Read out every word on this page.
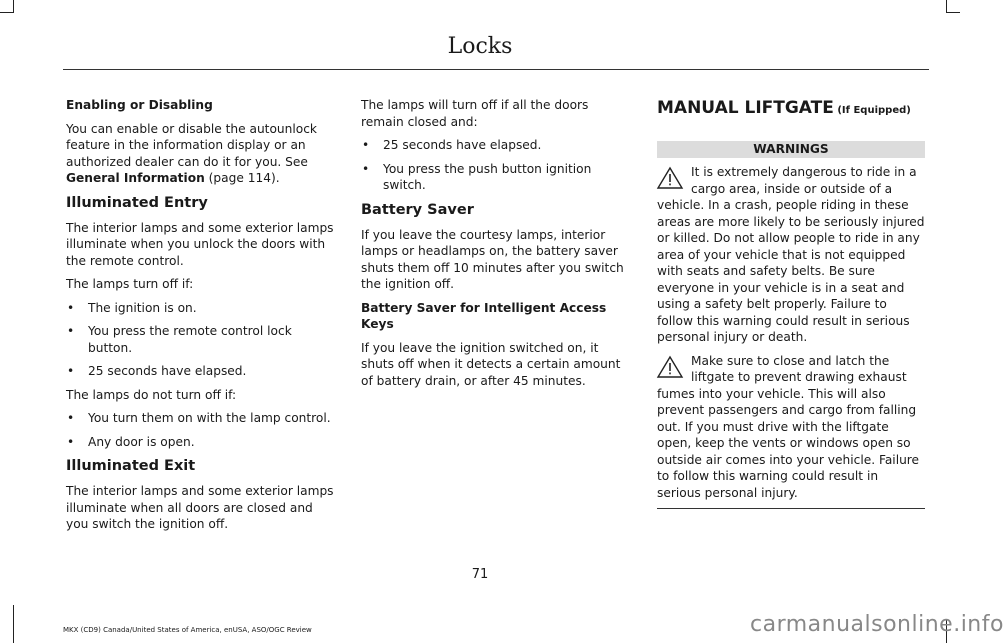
Locks
Enabling or Disabling

You can enable or disable the autounlock feature in the information display or an authorized dealer can do it for you. See General Information (page 114).

Illuminated Entry

The interior lamps and some exterior lamps illuminate when you unlock the doors with the remote control.

The lamps turn off if:

• The ignition is on.
• You press the remote control lock button.
• 25 seconds have elapsed.

The lamps do not turn off if:

• You turn them on with the lamp control.
• Any door is open.
Illuminated Exit

The interior lamps and some exterior lamps illuminate when all doors are closed and you switch the ignition off.

The lamps will turn off if all the doors remain closed and:

• 25 seconds have elapsed.
• You press the push button ignition switch.
Battery Saver

If you leave the courtesy lamps, interior lamps or headlamps on, the battery saver shuts them off 10 minutes after you switch the ignition off.

Battery Saver for Intelligent Access Keys

If you leave the ignition switched on, it shuts off when it detects a certain amount of battery drain, or after 45 minutes.

MANUAL LIFTGATE (If Equipped)
WARNINGS
It is extremely dangerous to ride in a cargo area, inside or outside of a vehicle. In a crash, people riding in these areas are more likely to be seriously injured or killed. Do not allow people to ride in any area of your vehicle that is not equipped with seats and safety belts. Be sure everyone in your vehicle is in a seat and using a safety belt properly. Failure to follow this warning could result in serious personal injury or death.
Make sure to close and latch the liftgate to prevent drawing exhaust fumes into your vehicle. This will also prevent passengers and cargo from falling out. If you must drive with the liftgate open, keep the vents or windows open so outside air comes into your vehicle. Failure to follow this warning could result in serious personal injury.
71
MKX (CD9) Canada/United States of America, enUSA, ASO/OGC Review	carmanualsonline.info
